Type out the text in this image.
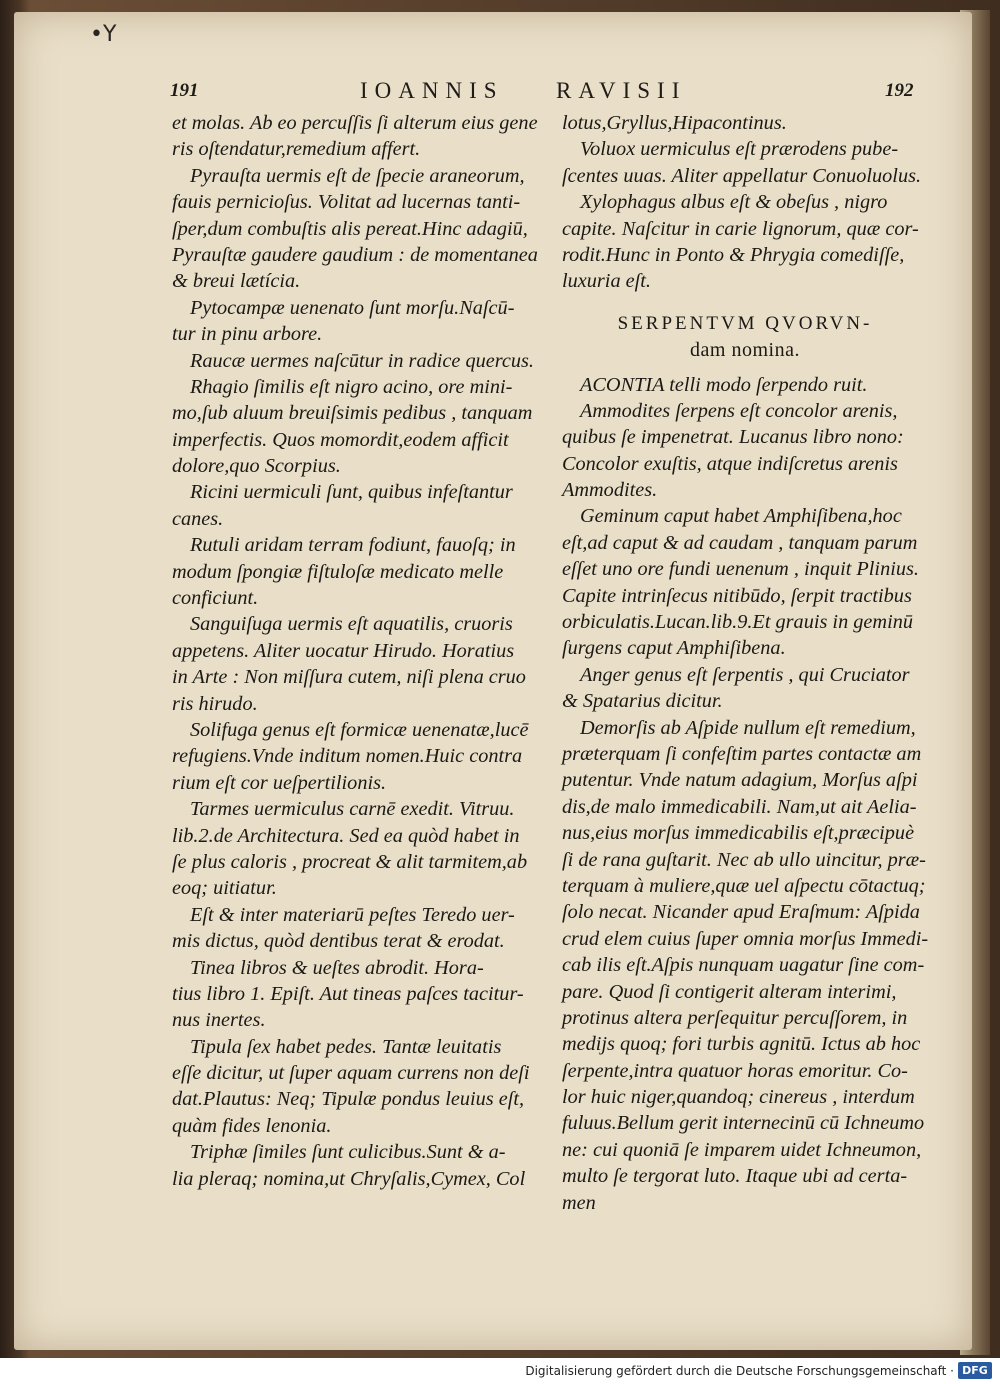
•Y
191	IOANNIS RAVISII	192
et molas. Ab eo percuſſis ſi alterum eius gene
ris oſtendatur,remedium affert.
Pyrauſta uermis eſt de ſpecie araneorum,
fauis pernicioſus. Volitat ad lucernas tanti-
ſper,dum combuſtis alis pereat.Hinc adagiū,
Pyrauſtæ gaudere gaudium : de momentanea
& breui lætícia.
Pytocampæ uenenato ſunt morſu.Naſcū-
tur in pinu arbore.
Raucæ uermes naſcūtur in radice quercus.
Rhagio ſimilis eſt nigro acino, ore mini-
mo,ſub aluum breuiſsimis pedibus , tanquam
imperfectis. Quos momordit,eodem afficit
dolore,quo Scorpius.
Ricini uermiculi ſunt, quibus infeſtantur
canes.
Rutuli aridam terram fodiunt, fauoſq; in
modum ſpongiæ fiſtuloſæ medicato melle
conficiunt.
Sanguiſuga uermis eſt aquatilis, cruoris
appetens. Aliter uocatur Hirudo. Horatius
in Arte : Non miſſura cutem, niſi plena cruo
ris hirudo.
Solifuga genus eſt formicæ uenenatæ,lucē
refugiens.Vnde inditum nomen.Huic contra
rium eſt cor ueſpertilionis.
Tarmes uermiculus carnē exedit. Vitruu.
lib.2.de Architectura. Sed ea quòd habet in
ſe plus caloris , procreat & alit tarmitem,ab
eoq; uitiatur.
Eſt & inter materiarū peſtes Teredo uer-
mis dictus, quòd dentibus terat & erodat.
Tinea libros & ueſtes abrodit. Hora-
tius libro 1. Epiſt. Aut tineas paſces tacitur-
nus inertes.
Tipula ſex habet pedes. Tantæ leuitatis
eſſe dicitur, ut ſuper aquam currens non deſi
dat.Plautus: Neq; Tipulæ pondus leuius eſt,
quàm fides lenonia.
Triphæ ſimiles ſunt culicibus.Sunt & a-
lia pleraq; nomina,ut Chryſalis,Cymex, Col
lotus,Gryllus,Hipacontinus.
Voluox uermiculus eſt prærodens pube-
ſcentes uuas. Aliter appellatur Conuoluolus.
Xylophagus albus eſt & obeſus , nigro
capite. Naſcitur in carie lignorum, quæ cor-
rodit.Hunc in Ponto & Phrygia comediſſe,
luxuria eſt.
SERPENTVM QVORVN-
dam nomina.
ACONTIA telli modo ſerpendo ruit.
Ammodites ſerpens eſt concolor arenis,
quibus ſe impenetrat. Lucanus libro nono:
Concolor exuſtis, atque indiſcretus arenis
Ammodites.
Geminum caput habet Amphiſibena,hoc
eſt,ad caput & ad caudam , tanquam parum
eſſet uno ore fundi uenenum , inquit Plinius.
Capite intrinſecus nitibūdo, ſerpit tractibus
orbiculatis.Lucan.lib.9.Et grauis in geminū
ſurgens caput Amphiſibena.
Anger genus eſt ſerpentis , qui Cruciator
& Spatarius dicitur.
Demorſis ab Aſpide nullum eſt remedium,
præterquam ſi confeſtim partes contactæ am
putentur. Vnde natum adagium, Morſus aſpi
dis,de malo immedicabili. Nam,ut ait Aelia-
nus,eius morſus immedicabilis eſt,præcipuè
ſi de rana guſtarit. Nec ab ullo uincitur, præ-
terquam à muliere,quæ uel aſpectu cōtactuq;
ſolo necat. Nicander apud Eraſmum: Aſpida
crud elem cuius ſuper omnia morſus Immedi-
cab ilis eſt.Aſpis nunquam uagatur ſine com-
pare. Quod ſi contigerit alteram interimi,
protinus altera perſequitur percuſſorem, in
medijs quoq; fori turbis agnitū. Ictus ab hoc
ſerpente,intra quatuor horas emoritur. Co-
lor huic niger,quandoq; cinereus , interdum
fuluus.Bellum gerit internecinū cū Ichneumo
ne: cui quoniā ſe imparem uidet Ichneumon,
multo ſe tergorat luto. Itaque ubi ad certa-
men
Digitalisierung gefördert durch die Deutsche Forschungsgemeinschaft · DFG
